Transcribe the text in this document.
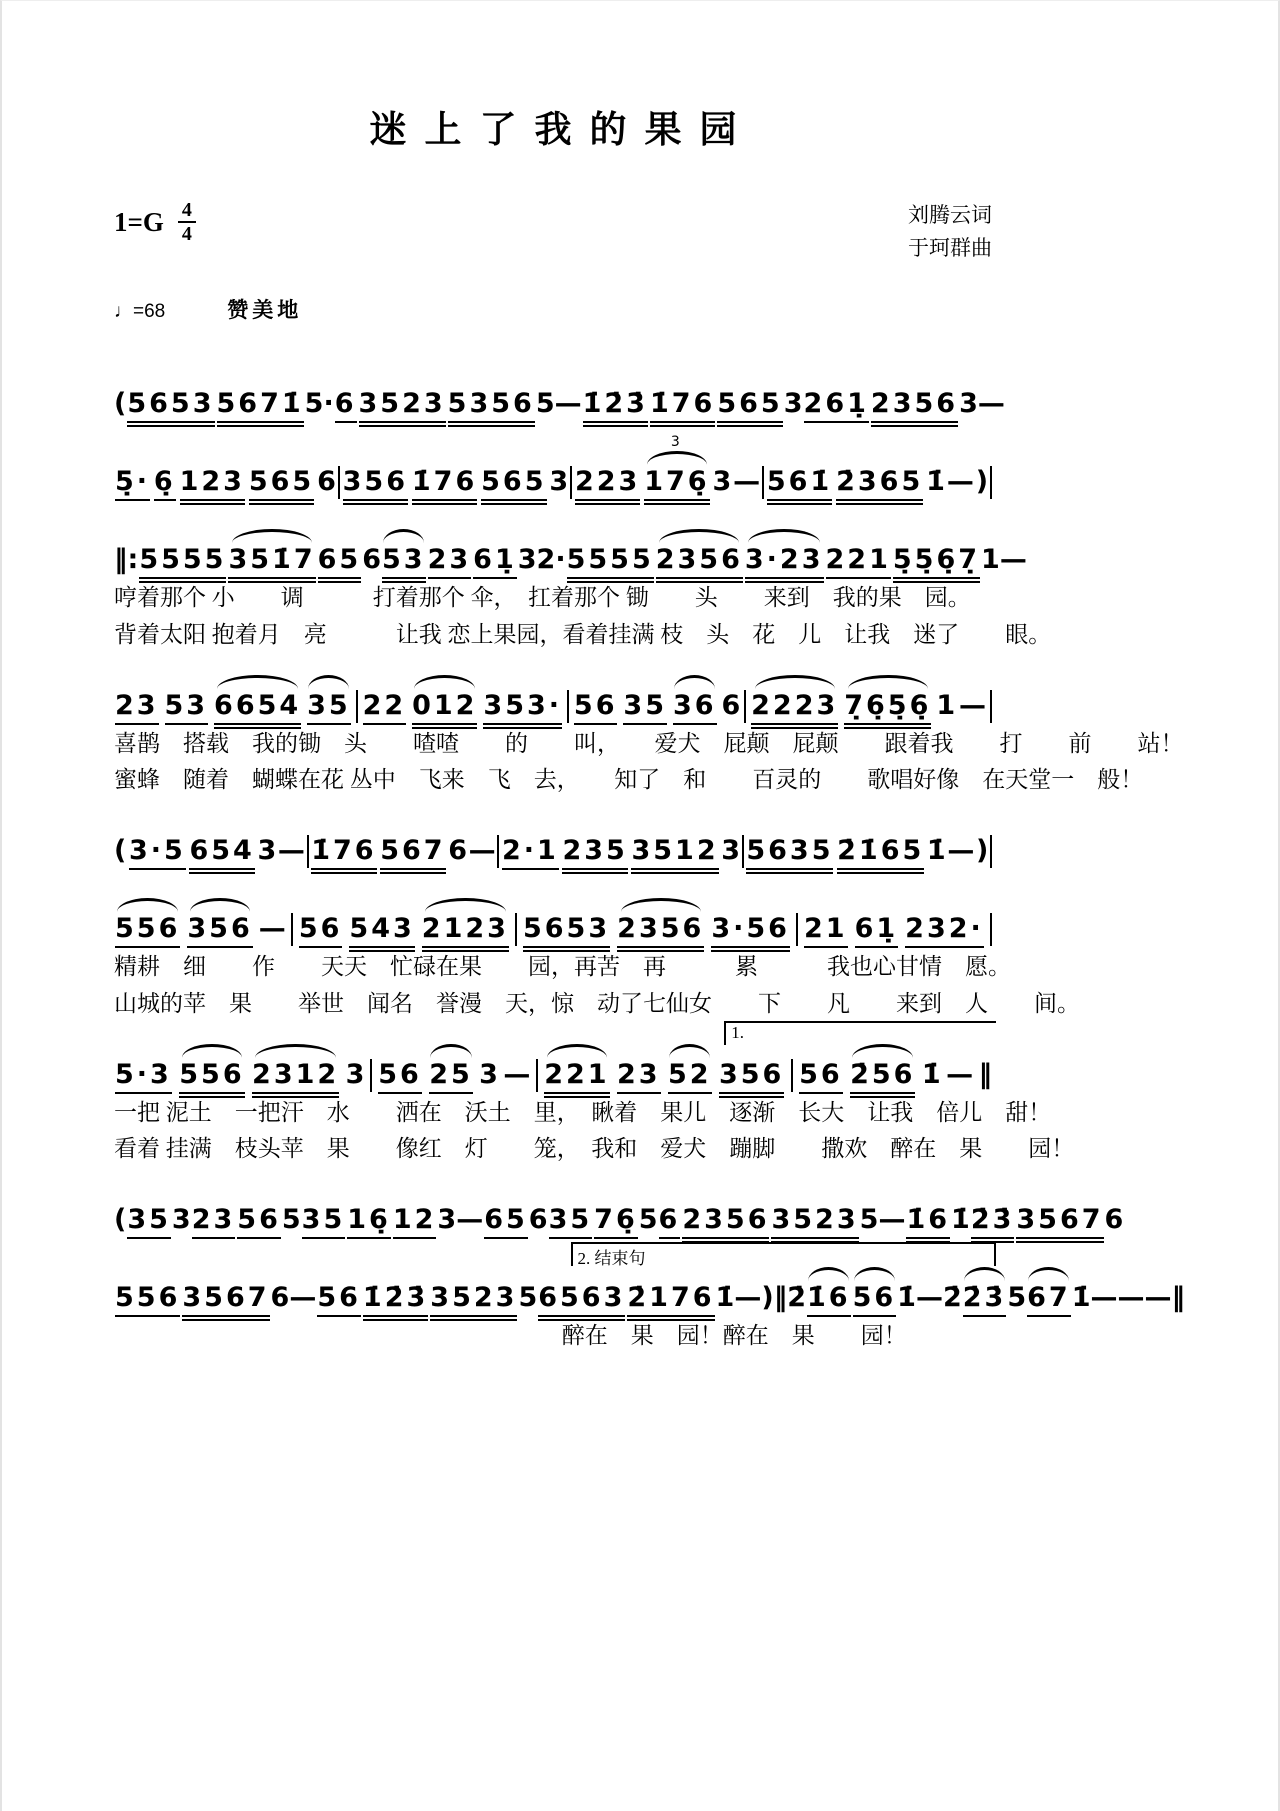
迷上了我的果园
$1=G \frac{4}{4}$	刘腾云词
于珂群曲
♩=68	赞美地
( 5653 5671̇ 5· 6 3523 5356 5 — 1̇2̇3̇ 1̇76 565 3 261̣ 2356 3 —
5̣· 6̣ 123 565 6 356 1̇76 565 3 223 176̣
3
3 — 561̇ 2̇365 1̇ — )
‖: 5555 351̇7 65 6 53 23 61̣ 3 2· 5555 2356 3·23 221 5̣5̣6̣7̣ 1 —
哼着那个 小　　调　　　打着那个 伞，　扛着那个 锄　　头　　来到　我的果　园。
背着太阳 抱着月　亮　　　让我 恋上果园，看着挂满 枝　头　花　儿　让我　迷了　　眼。
23 53 6654 35 22 012 353· 56 35 36 6 2223 7̣6̣5̣6̣ 1 —
喜鹊　搭载　我的锄　头　　喳喳　　的　　叫，　　爱犬　屁颠　屁颠　　跟着我　　打　　前　　站！
蜜蜂　随着　蝴蝶在花 丛中　飞来　飞　去，　　知了　和　　百灵的　　歌唱好像　在天堂一　般！
( 3·5 654 3 — 1̇76 567 6 — 2·1 235 3512 3 5635 2̇1̇65 1̇ — )
556 356 — 56 543 2123 5653 2356 3·56 21 61̣ 232·
精耕　细　　作　　天天　忙碌在果　　园，再苦　再　　　累　　　我也心甘情　愿。
山城的苹　果　　举世　闻名　誉漫　天，惊　动了七仙女　　下　　凡　　来到　人　　间。
1.
5·3 556 2312 3 56 25 3 — 221 23 52 356 56 2̇56 1̇ — ‖
一把 泥土　一把汗　水　　洒在　沃土　里，　瞅着　果儿　逐渐　长大　让我　倍儿　甜！
看着 挂满　枝头苹　果　　像红　灯　　笼，　我和　爱犬　蹦脚　　撒欢　醉在　果　　园！
( 35 3 23 56 5 35 16̣ 12 3 — 65 6 35 76̣ 5 6 2356 3523 5 — 1̇6 1̇ 2̇3̇ 3567 6
2. 结束句
556 3567 6 — 56 1̇2̇3̇ 3523 5 6563 2̇176 1̇ — ) ‖ 2̇ 1̇6 56 1̇ — 2̇ 2̇3̇ 5 67 1̇ — — — ‖
醉在　果　园！醉在　果　　园！
